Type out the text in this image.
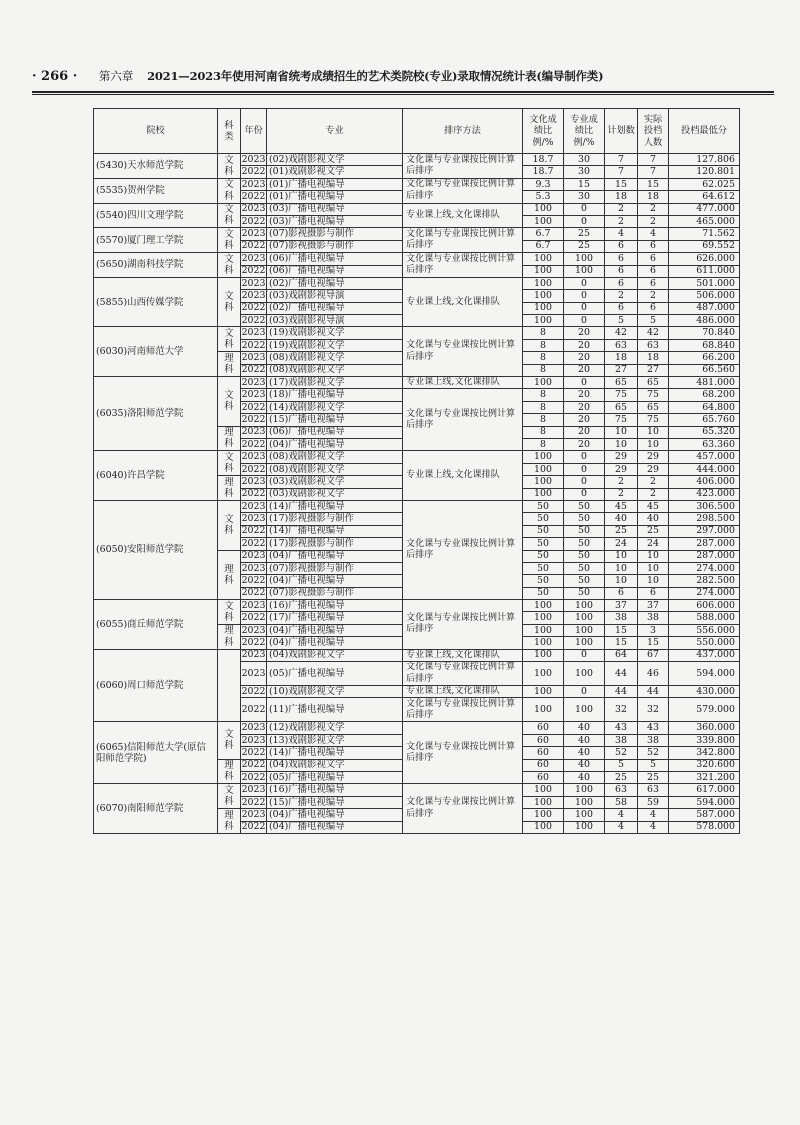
· 266 · 第六章 2021—2023年使用河南省统考成绩招生的艺术类院校(专业)录取情况统计表(编导制作类)
院校	科类	年份	专业	排序方法	文化成绩比例/%	专业成绩比例/%	计划数	实际投档人数	投档最低分
(5430)天水师范学院	文科	2023	(02)戏剧影视文学	文化课与专业课按比例计算后排序	18.7	30	7	7	127.806
		2022	(01)戏剧影视文学		18.7	30	7	7	120.801
(5535)贺州学院	文科	2023	(01)广播电视编导	文化课与专业课按比例计算后排序	9.3	15	15	15	62.025
		2022	(01)广播电视编导		5.3	30	18	18	64.612
(5540)四川文理学院	文科	2023	(03)广播电视编导	专业课上线,文化课排队	100	0	2	2	477.000
		2022	(03)广播电视编导		100	0	2	2	465.000
(5570)厦门理工学院	文科	2023	(07)影视摄影与制作	文化课与专业课按比例计算后排序	6.7	25	4	4	71.562
		2022	(07)影视摄影与制作		6.7	25	6	6	69.552
(5650)湖南科技学院	文科	2023	(06)广播电视编导	文化课与专业课按比例计算后排序	100	100	6	6	626.000
		2022	(06)广播电视编导		100	100	6	6	611.000
(5855)山西传媒学院	文科	2023	(02)广播电视编导	专业课上线,文化课排队	100	0	6	6	501.000
		2023	(03)戏剧影视导演		100	0	2	2	506.000
		2022	(02)广播电视编导		100	0	6	6	487.000
		2022	(03)戏剧影视导演		100	0	5	5	486.000
(6030)河南师范大学	文科	2023	(19)戏剧影视文学	文化课与专业课按比例计算后排序	8	20	42	42	70.840
		2022	(19)戏剧影视文学		8	20	63	63	68.840
	理科	2023	(08)戏剧影视文学		8	20	18	18	66.200
		2022	(08)戏剧影视文学		8	20	27	27	66.560
(6035)洛阳师范学院	文科	2023	(17)戏剧影视文学	专业课上线,文化课排队	100	0	65	65	481.000
		2023	(18)广播电视编导	文化课与专业课按比例计算后排序	8	20	75	75	68.200
		2022	(14)戏剧影视文学		8	20	65	65	64.800
		2022	(15)广播电视编导		8	20	75	75	65.760
	理科	2023	(06)广播电视编导		8	20	10	10	65.320
		2022	(04)广播电视编导		8	20	10	10	63.360
(6040)许昌学院	文科	2023	(08)戏剧影视文学	专业课上线,文化课排队	100	0	29	29	457.000
		2022	(08)戏剧影视文学		100	0	29	29	444.000
	理科	2023	(03)戏剧影视文学		100	0	2	2	406.000
		2022	(03)戏剧影视文学		100	0	2	2	423.000
(6050)安阳师范学院	文科	2023	(14)广播电视编导	文化课与专业课按比例计算后排序	50	50	45	45	306.500
		2023	(17)影视摄影与制作		50	50	40	40	298.500
		2022	(14)广播电视编导		50	50	25	25	297.000
		2022	(17)影视摄影与制作		50	50	24	24	287.000
	理科	2023	(04)广播电视编导		50	50	10	10	287.000
		2023	(07)影视摄影与制作		50	50	10	10	274.000
		2022	(04)广播电视编导		50	50	10	10	282.500
		2022	(07)影视摄影与制作		50	50	6	6	274.000
(6055)商丘师范学院	文科	2023	(16)广播电视编导	文化课与专业课按比例计算后排序	100	100	37	37	606.000
		2022	(17)广播电视编导		100	100	38	38	588.000
	理科	2023	(04)广播电视编导		100	100	15	3	556.000
		2022	(04)广播电视编导		100	100	15	15	550.000
(6060)周口师范学院		2023	(04)戏剧影视文学	专业课上线,文化课排队	100	0	64	67	437.000
		2023	(05)广播电视编导	文化课与专业课按比例计算后排序	100	100	44	46	594.000
		2022	(10)戏剧影视文学	专业课上线,文化课排队	100	0	44	44	430.000
		2022	(11)广播电视编导	文化课与专业课按比例计算后排序	100	100	32	32	579.000
(6065)信阳师范大学(原信阳师范学院)	文科	2023	(12)戏剧影视文学	文化课与专业课按比例计算后排序	60	40	43	43	360.000
		2023	(13)戏剧影视文学		60	40	38	38	339.800
		2022	(14)广播电视编导		60	40	52	52	342.800
	理科	2022	(04)戏剧影视文学		60	40	5	5	320.600
		2022	(05)广播电视编导		60	40	25	25	321.200
(6070)南阳师范学院	文科	2023	(16)广播电视编导	文化课与专业课按比例计算后排序	100	100	63	63	617.000
		2022	(15)广播电视编导		100	100	58	59	594.000
	理科	2023	(04)广播电视编导		100	100	4	4	587.000
		2022	(04)广播电视编导		100	100	4	4	578.000
